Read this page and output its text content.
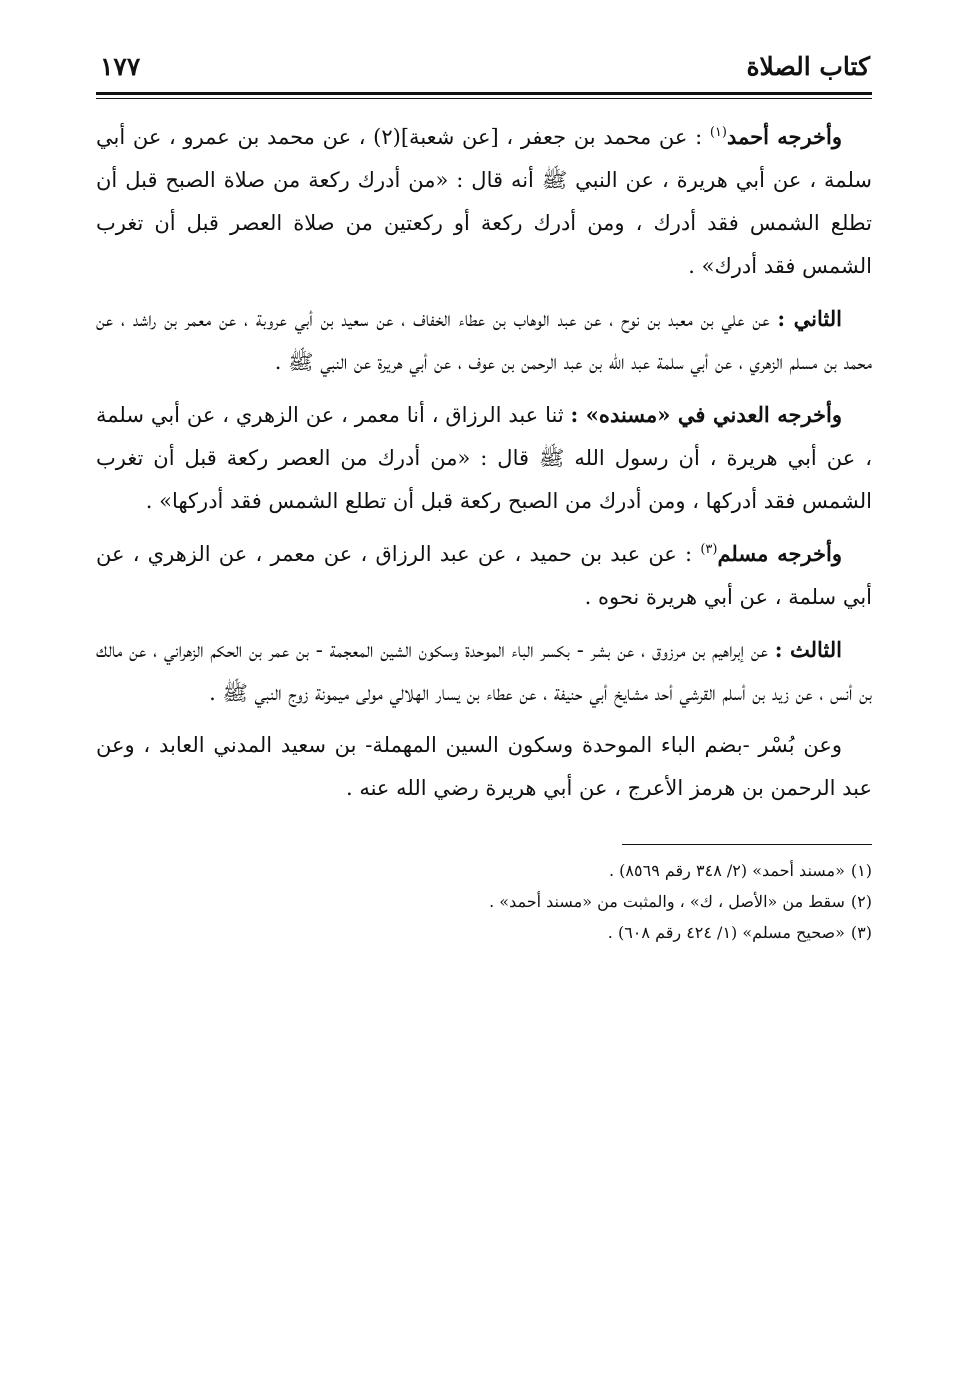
كتاب الصلاة
١٧٧

وأخرجه أحمد$^{(١)}$ : عن محمد بن جعفر ، [عن شعبة](٢) ، عن محمد بن عمرو ، عن أبي سلمة ، عن أبي هريرة ، عن النبي ﷺ أنه قال : «من أدرك ركعة من صلاة الصبح قبل أن تطلع الشمس فقد أدرك ، ومن أدرك ركعة أو ركعتين من صلاة العصر قبل أن تغرب الشمس فقد أدرك» .

الثاني : عن علي بن معبد بن نوح ، عن عبد الوهاب بن عطاء الخفاف ، عن سعيد بن أبي عروبة ، عن معمر بن راشد ، عن محمد بن مسلم الزهري ، عن أبي سلمة عبد الله بن عبد الرحمن بن عوف ، عن أبي هريرة عن النبي ﷺ .

وأخرجه العدني في «مسنده» : ثنا عبد الرزاق ، أنا معمر ، عن الزهري ، عن أبي سلمة ، عن أبي هريرة ، أن رسول الله ﷺ قال : «من أدرك من العصر ركعة قبل أن تغرب الشمس فقد أدركها ، ومن أدرك من الصبح ركعة قبل أن تطلع الشمس فقد أدركها» .

وأخرجه مسلم$^{(٣)}$ : عن عبد بن حميد ، عن عبد الرزاق ، عن معمر ، عن الزهري ، عن أبي سلمة ، عن أبي هريرة نحوه .

الثالث : عن إبراهيم بن مرزوق ، عن بشر - بكسر الباء الموحدة وسكون الشين المعجمة - بن عمر بن الحكم الزهراني ، عن مالك بن أنس ، عن زيد بن أسلم القرشي أحد مشايخ أبي حنيفة ، عن عطاء بن يسار الهلالي مولى ميمونة زوج النبي ﷺ .

وعن بُسْر -بضم الباء الموحدة وسكون السين المهملة- بن سعيد المدني العابد ، وعن عبد الرحمن بن هرمز الأعرج ، عن أبي هريرة رضي الله عنه .

(١)«مسند أحمد» (٢/ ٣٤٨ رقم ٨٥٦٩) .

(٢)سقط من «الأصل ، ك» ، والمثبت من «مسند أحمد» .

(٣)«صحيح مسلم» (١/ ٤٢٤ رقم ٦٠٨) .
